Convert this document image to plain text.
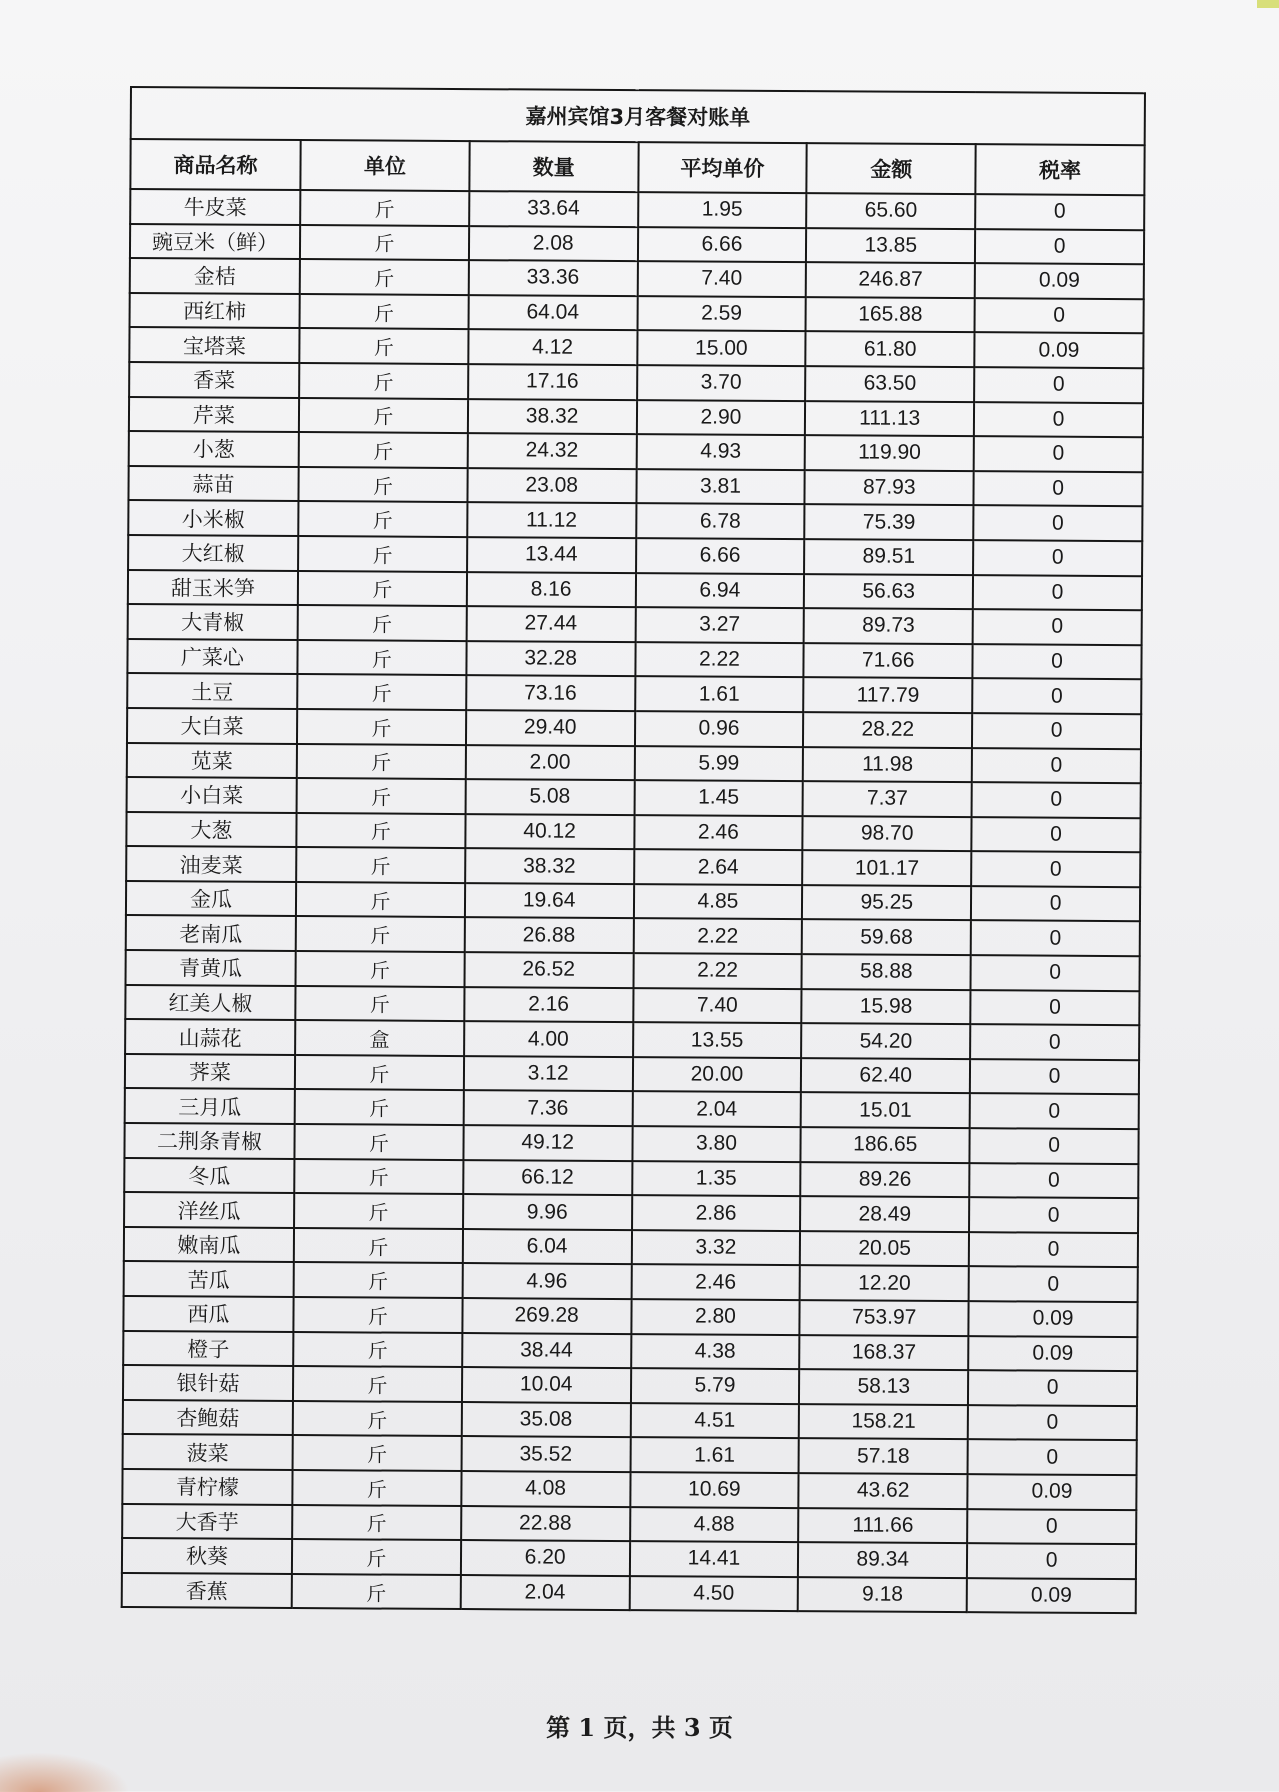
嘉州宾馆3月客餐对账单					
商品名称	单位	数量	平均单价	金额	税率
牛皮菜	斤	33.64	1.95	65.60	0
豌豆米（鲜）	斤	2.08	6.66	13.85	0
金桔	斤	33.36	7.40	246.87	0.09
西红柿	斤	64.04	2.59	165.88	0
宝塔菜	斤	4.12	15.00	61.80	0.09
香菜	斤	17.16	3.70	63.50	0
芹菜	斤	38.32	2.90	111.13	0
小葱	斤	24.32	4.93	119.90	0
蒜苗	斤	23.08	3.81	87.93	0
小米椒	斤	11.12	6.78	75.39	0
大红椒	斤	13.44	6.66	89.51	0
甜玉米笋	斤	8.16	6.94	56.63	0
大青椒	斤	27.44	3.27	89.73	0
广菜心	斤	32.28	2.22	71.66	0
土豆	斤	73.16	1.61	117.79	0
大白菜	斤	29.40	0.96	28.22	0
苋菜	斤	2.00	5.99	11.98	0
小白菜	斤	5.08	1.45	7.37	0
大葱	斤	40.12	2.46	98.70	0
油麦菜	斤	38.32	2.64	101.17	0
金瓜	斤	19.64	4.85	95.25	0
老南瓜	斤	26.88	2.22	59.68	0
青黄瓜	斤	26.52	2.22	58.88	0
红美人椒	斤	2.16	7.40	15.98	0
山蒜花	盒	4.00	13.55	54.20	0
荠菜	斤	3.12	20.00	62.40	0
三月瓜	斤	7.36	2.04	15.01	0
二荆条青椒	斤	49.12	3.80	186.65	0
冬瓜	斤	66.12	1.35	89.26	0
洋丝瓜	斤	9.96	2.86	28.49	0
嫩南瓜	斤	6.04	3.32	20.05	0
苦瓜	斤	4.96	2.46	12.20	0
西瓜	斤	269.28	2.80	753.97	0.09
橙子	斤	38.44	4.38	168.37	0.09
银针菇	斤	10.04	5.79	58.13	0
杏鲍菇	斤	35.08	4.51	158.21	0
菠菜	斤	35.52	1.61	57.18	0
青柠檬	斤	4.08	10.69	43.62	0.09
大香芋	斤	22.88	4.88	111.66	0
秋葵	斤	6.20	14.41	89.34	0
香蕉	斤	2.04	4.50	9.18	0.09
第 1 页，共 3 页
